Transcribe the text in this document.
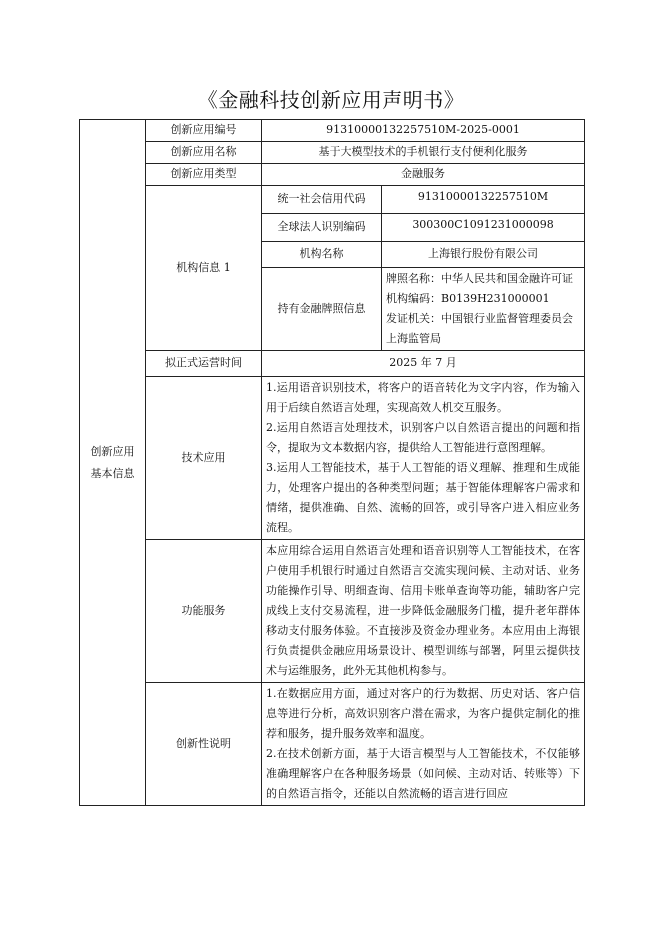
《金融科技创新应用声明书》
创新应用
基本信息	创新应用编号	91310000132257510M-2025-0001	
	创新应用名称	基于大模型技术的手机银行支付便利化服务	
	创新应用类型	金融服务	
	机构信息 1	统一社会信用代码	91310000132257510M
		全球法人识别编码	300300C1091231000098
		机构名称	上海银行股份有限公司
		持有金融牌照信息	牌照名称：中华人民共和国金融许可证
机构编码：B0139H231000001
发证机关：中国银行业监督管理委员会上海监管局

	拟正式运营时间	2025 年 7 月	
	技术应用	1.运用语音识别技术，将客户的语音转化为文字内容，作为输入用于后续自然语言处理，实现高效人机交互服务。
2.运用自然语言处理技术，识别客户以自然语言提出的问题和指令，提取为文本数据内容，提供给人工智能进行意图理解。
3.运用人工智能技术，基于人工智能的语义理解、推理和生成能力，处理客户提出的各种类型问题；基于智能体理解客户需求和情绪，提供准确、自然、流畅的回答，或引导客户进入相应业务流程。	

	功能服务	本应用综合运用自然语言处理和语音识别等人工智能技术，在客户使用手机银行时通过自然语言交流实现问候、主动对话、业务功能操作引导、明细查询、信用卡账单查询等功能，辅助客户完成线上支付交易流程，进一步降低金融服务门槛，提升老年群体移动支付服务体验。不直接涉及资金办理业务。本应用由上海银行负责提供金融应用场景设计、模型训练与部署，阿里云提供技术与运维服务，此外无其他机构参与。	

	创新性说明	1.在数据应用方面，通过对客户的行为数据、历史对话、客户信息等进行分析，高效识别客户潜在需求，为客户提供定制化的推荐和服务，提升服务效率和温度。
2.在技术创新方面，基于大语言模型与人工智能技术，不仅能够准确理解客户在各种服务场景（如问候、主动对话、转账等）下的自然语言指令，还能以自然流畅的语言进行回应	
